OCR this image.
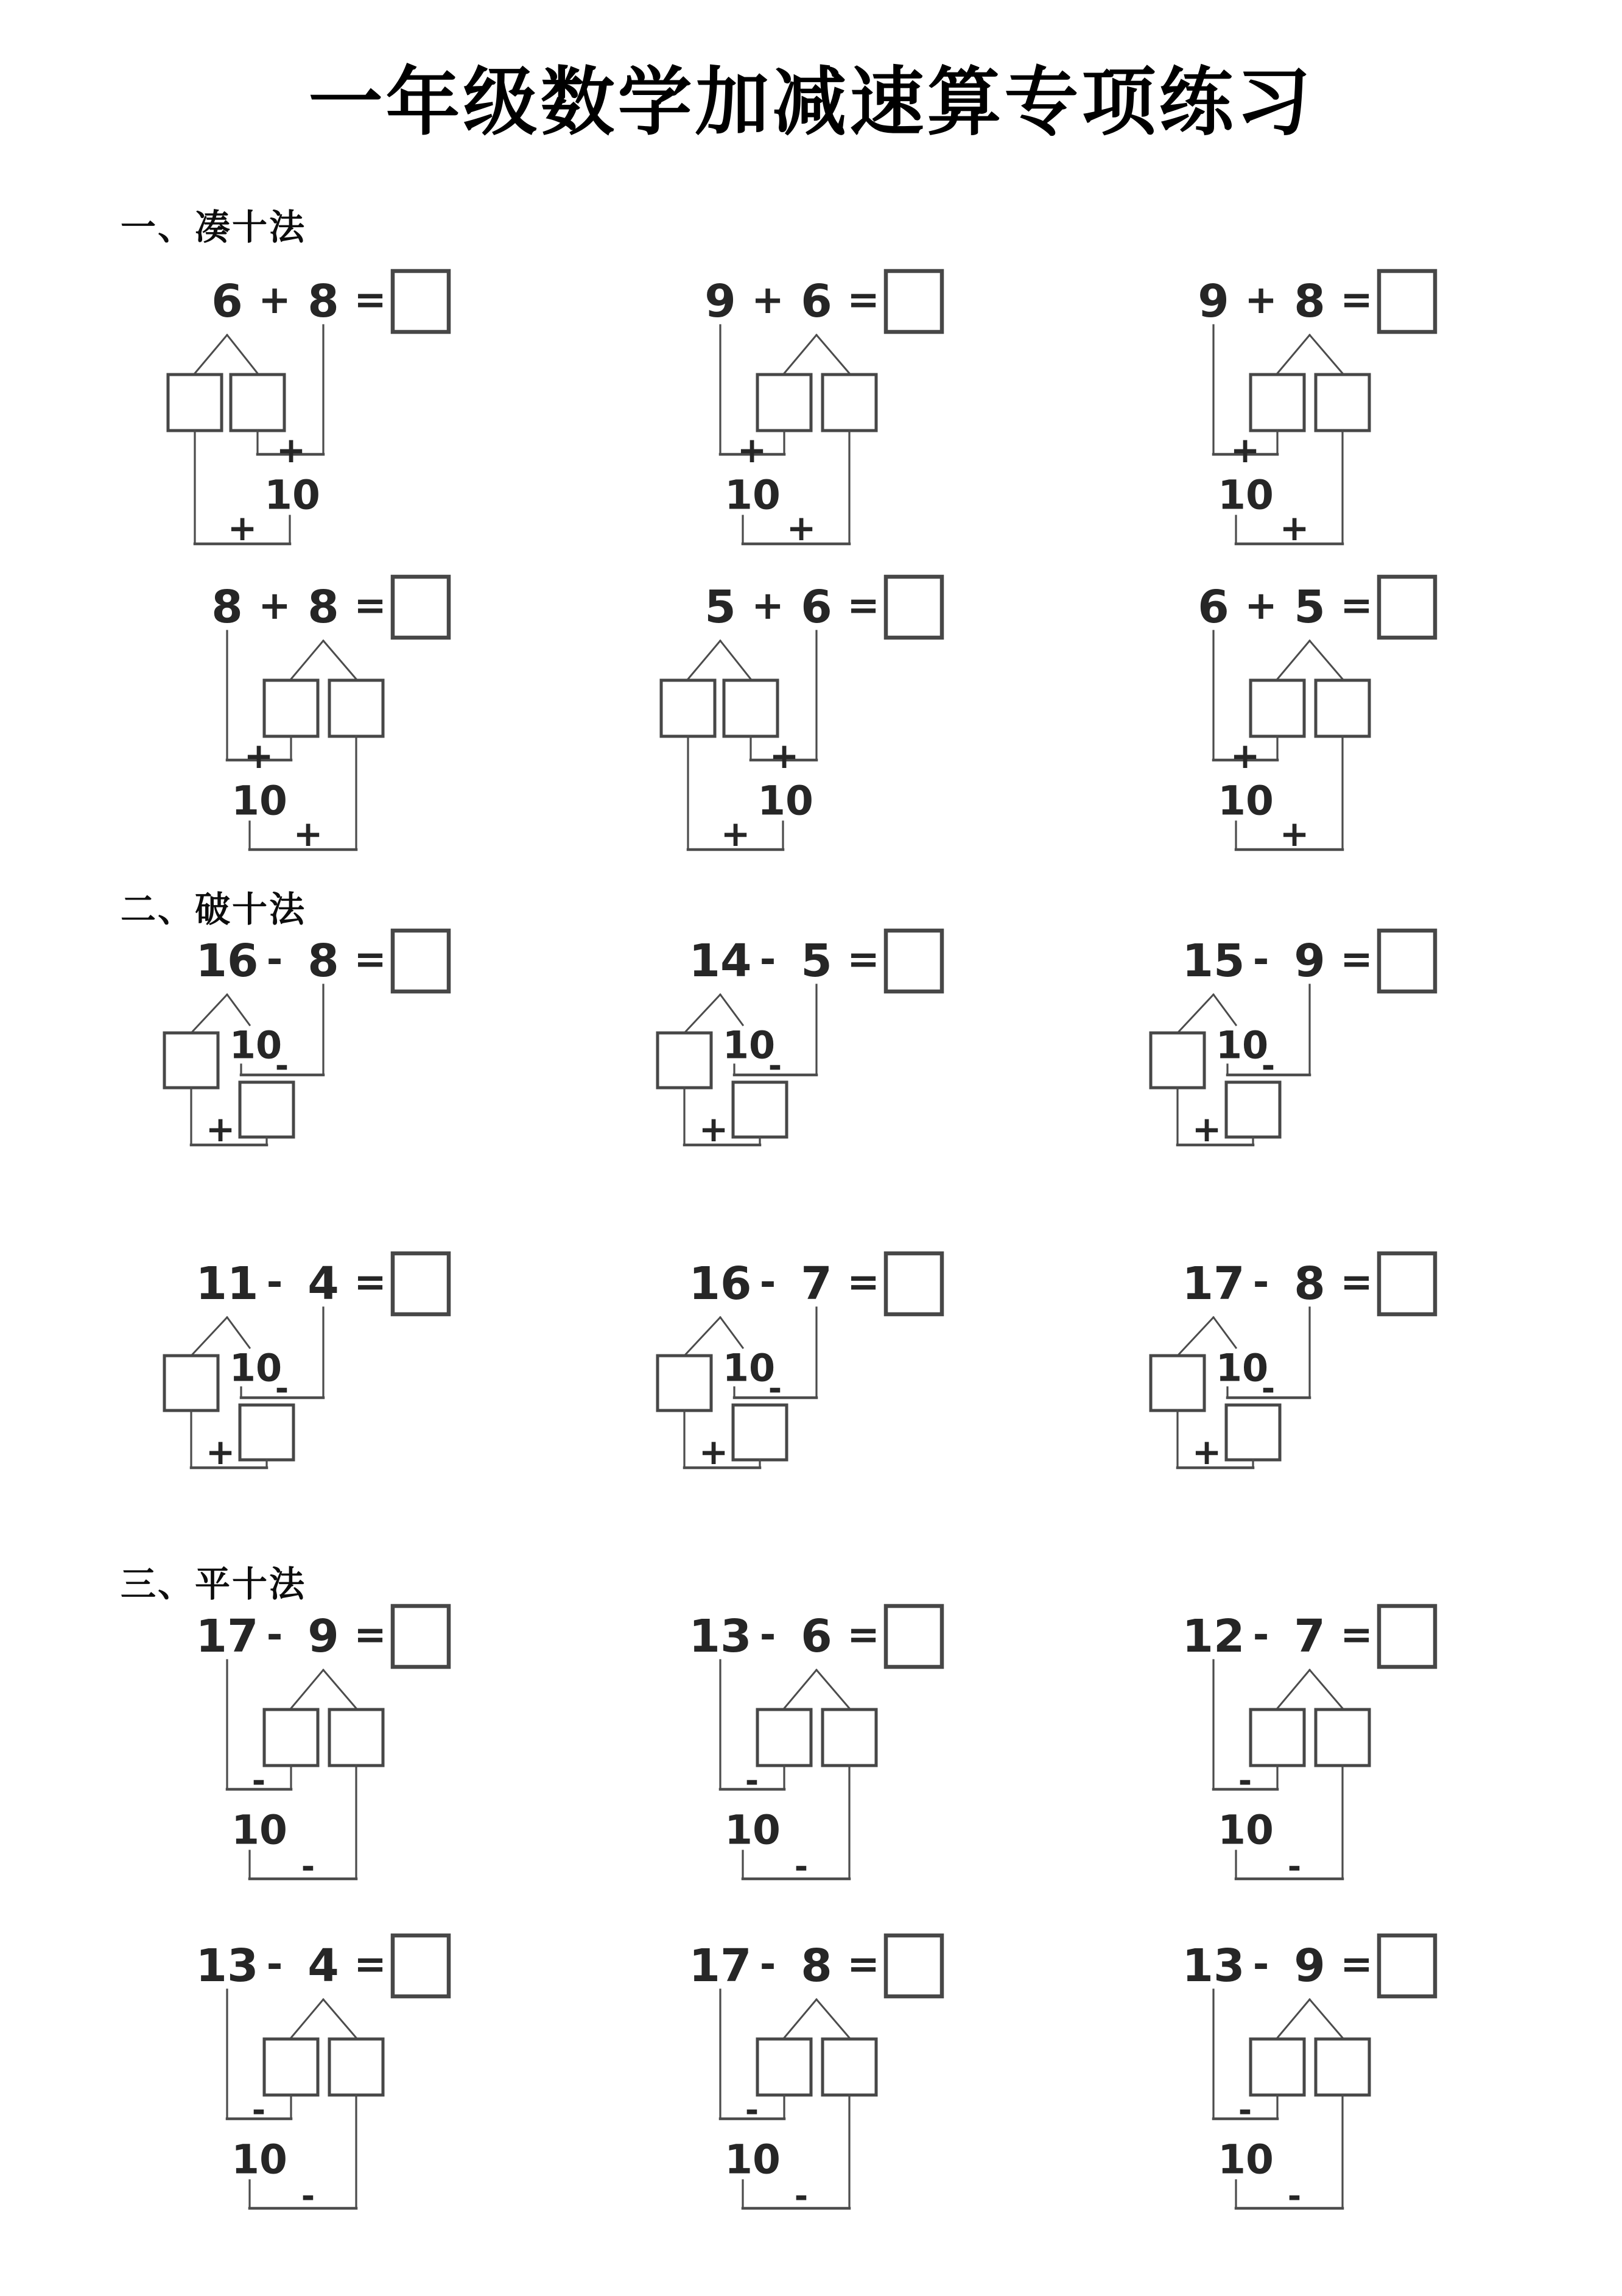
一年级数学加减速算专项练习
一、凑十法
6 + 8 =
+
10
+
9 + 6 =
+
10
+
9 + 8 =
+
10
+
8 + 8 =
+
10
+
5 + 6 =
+
10
+
6 + 5 =
+
10
+
二、破十法
16 - 8 =
10
-
+
14 - 5 =
10
-
+
15 - 9 =
10
-
+
11 - 4 =
10
-
+
16 - 7 =
10
-
+
17 - 8 =
10
-
+
三、平十法
17 - 9 =
-
10
-
13 - 6 =
-
10
-
12 - 7 =
-
10
-
13 - 4 =
-
10
-
17 - 8 =
-
10
-
13 - 9 =
-
10
-
